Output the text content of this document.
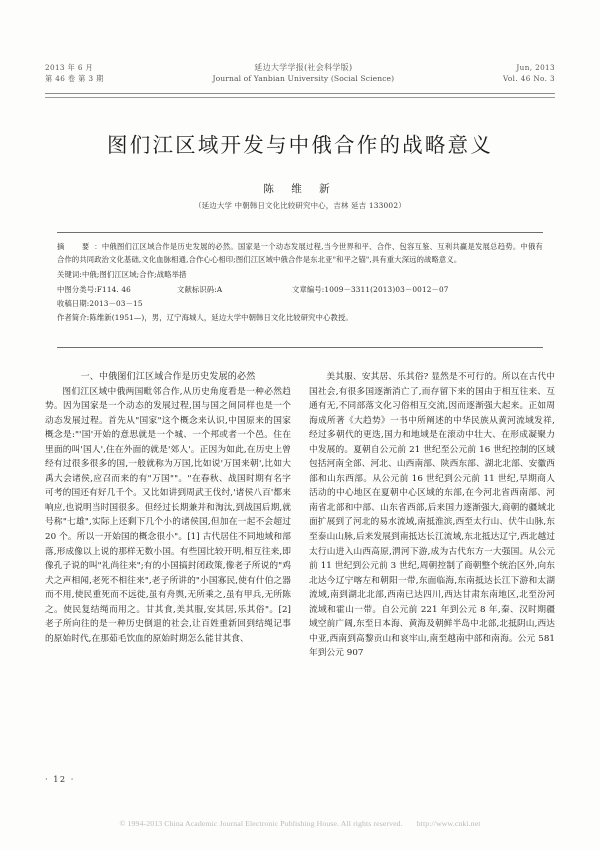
2013 年 6 月
第 46 卷 第 3 期
延边大学学报(社会科学版)
Journal of Yanbian University (Social Science)
Jun, 2013
Vol. 46 No. 3
图们江区域开发与中俄合作的战略意义
陈 维 新
（延边大学 中朝韩日文化比较研究中心，吉林 延吉 133002）
摘　要：中俄图们江区域合作是历史发展的必然。国家是一个动态发展过程,当今世界和平、合作、包容互鉴、互利共赢是发展总趋势。中俄有合作的共同政治文化基础,文化血脉相通,合作心心相印;图们江区域中俄合作是东北亚"和平之锚",具有重大深远的战略意义。
关键词:中俄;图们江区域;合作;战略举措
中图分类号:F114. 46	文献标识码:A	文章编号:1009－3311(2013)03－0012－07
收稿日期:2013－03－15
作者简介:陈维新(1951—)，男，辽宁海城人，延边大学中朝韩日文化比较研究中心教授。
一、中俄图们江区域合作是历史发展的必然

图们江区域中俄两国毗邻合作,从历史角度看是一种必然趋势。因为国家是一个动态的发展过程,国与国之间同样也是一个动态发展过程。首先从"国家"这个概念来认识,中国原来的国家概念是:"'国'开始的意思就是一个城、一个邦或者一个邑。住在里面的叫'国人',住在外面的就是'郊人'。正因为如此,在历史上曾经有过很多很多的国,一般就称为万国,比如说'万国来朝',比如大禹大会诸侯,应召而来的有"万国""。"在春秋、战国时期有名字可考的国还有好几千个。又比如讲到周武王伐纣,'诸侯八百'都来响应,也说明当时国很多。但经过长期兼并和淘汰,到战国后期,就号称"七雄",实际上还剩下几个小的诸侯国,但加在一起不会超过 20 个。所以一开始国的概念很小"。[1] 古代居住不同地域和部落,形成像以上说的那样无数小国。有些国比较开明,相互往来,即像孔子说的叫"礼尚往来";有的小国搞封闭政策,像老子所说的"鸡犬之声相闻,老死不相往来",老子所讲的"小国寡民,使有什伯之器而不用,使民重死而不远徙,虽有舟舆,无所乘之,虽有甲兵,无所陈之。使民复结绳而用之。甘其食,美其服,安其居,乐其俗"。[2] 老子所向往的是一种历史倒退的社会,让百姓重新回到结绳记事的原始时代,在那茹毛饮血的原始时期怎么能甘其食、

美其服、安其居、乐其俗? 显然是不可行的。所以在古代中国社会,有很多国逐渐消亡了,而存留下来的国由于相互往来、互通有无,不同部落文化习俗相互交流,因而逐渐强大起来。正如周海成所著《大趋势》一书中所阐述的中华民族从黄河流域发祥,经过多朝代的更迭,国力和地域是在滚动中壮大、在形成凝聚力中发展的。夏朝自公元前 21 世纪至公元前 16 世纪控制的区域包括河南全部、河北、山西南部、陕西东部、湖北北部、安徽西部和山东西部。从公元前 16 世纪到公元前 11 世纪,早期商人活动的中心地区在夏朝中心区域的东部,在今河北省西南部、河南省北部和中部、山东省西部,后来国力逐渐强大,商朝的疆域北面扩展到了河北的易水流域,南抵淮滨,西至太行山、伏牛山脉,东至泰山山脉,后来发展到南抵达长江流域,东北抵达辽宁,西北越过太行山进入山西高原,渭河下游,成为古代东方一大强国。从公元前 11 世纪到公元前 3 世纪,周朝控制了商朝整个统治区外,向东北达今辽宁喀左和朝阳一带,东面临海,东南抵达长江下游和太湖流域,南到湖北北部,西南已达四川,西达甘肃东南地区,北至汾河流域和霍山一带。自公元前 221 年到公元 8 年,秦、汉时期疆域空前广阔,东至日本海、黄海及朝鲜半岛中北部,北抵阴山,西达中亚,西南到高黎贡山和哀牢山,南至越南中部和南海。公元 581 年到公元 907

· 12 ·
© 1994-2013 China Academic Journal Electronic Publishing House. All rights reserved. http://www.cnki.net
